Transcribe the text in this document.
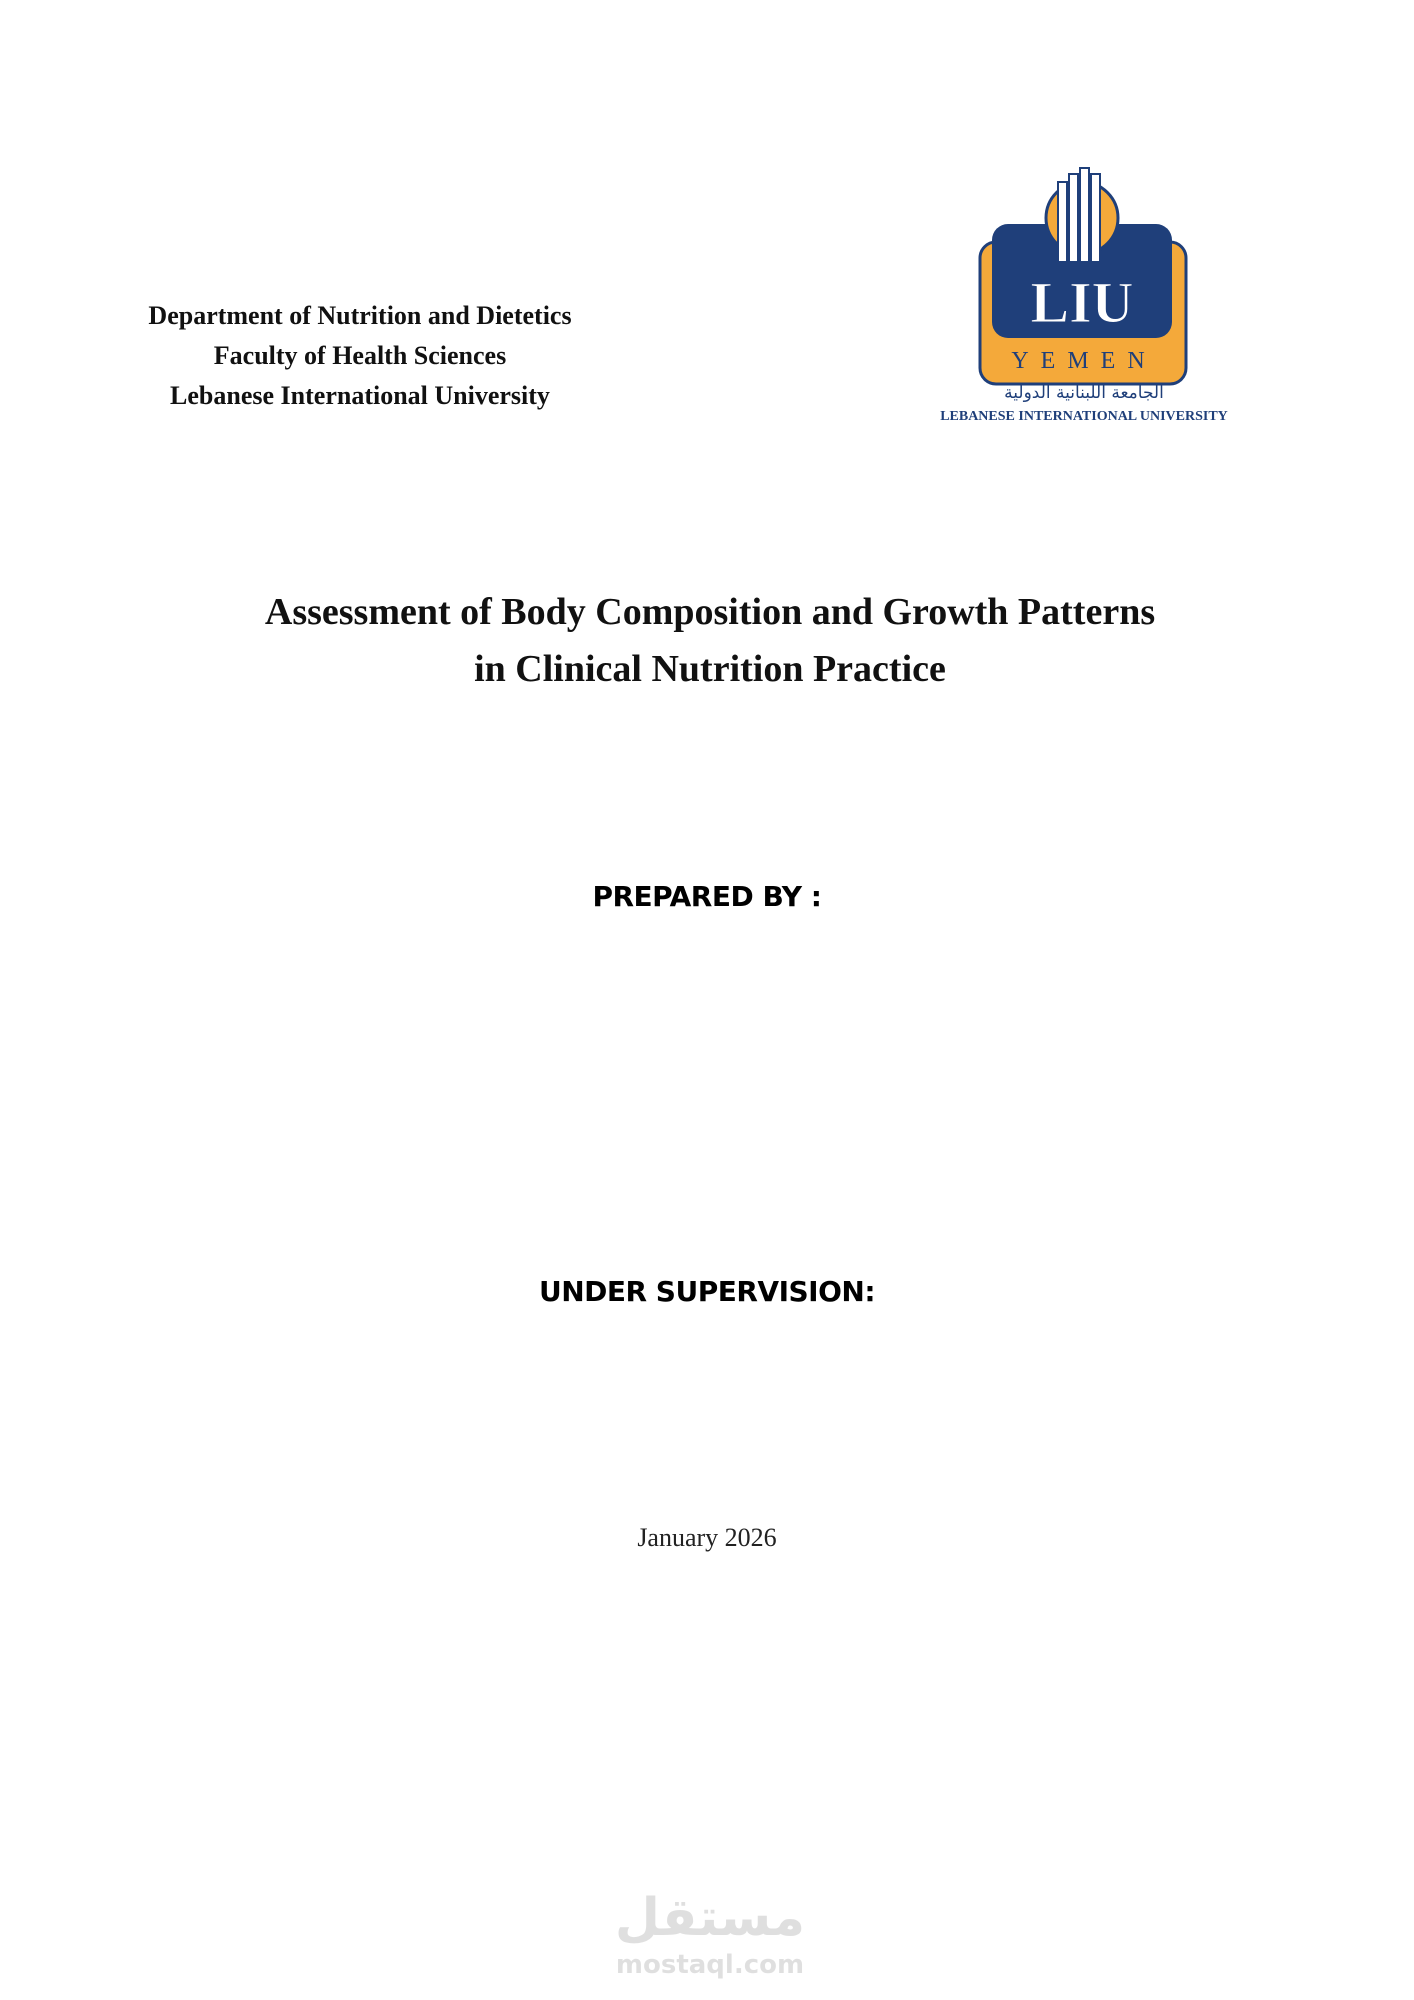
Department of Nutrition and Dietetics
Faculty of Health Sciences
Lebanese International University
LIU
YEMEN
الجامعة اللبنانية الدولية
LEBANESE INTERNATIONAL UNIVERSITY
Assessment of Body Composition and Growth Patterns
in Clinical Nutrition Practice
PREPARED BY :
UNDER SUPERVISION:
January 2026
مستقل
mostaql.com
